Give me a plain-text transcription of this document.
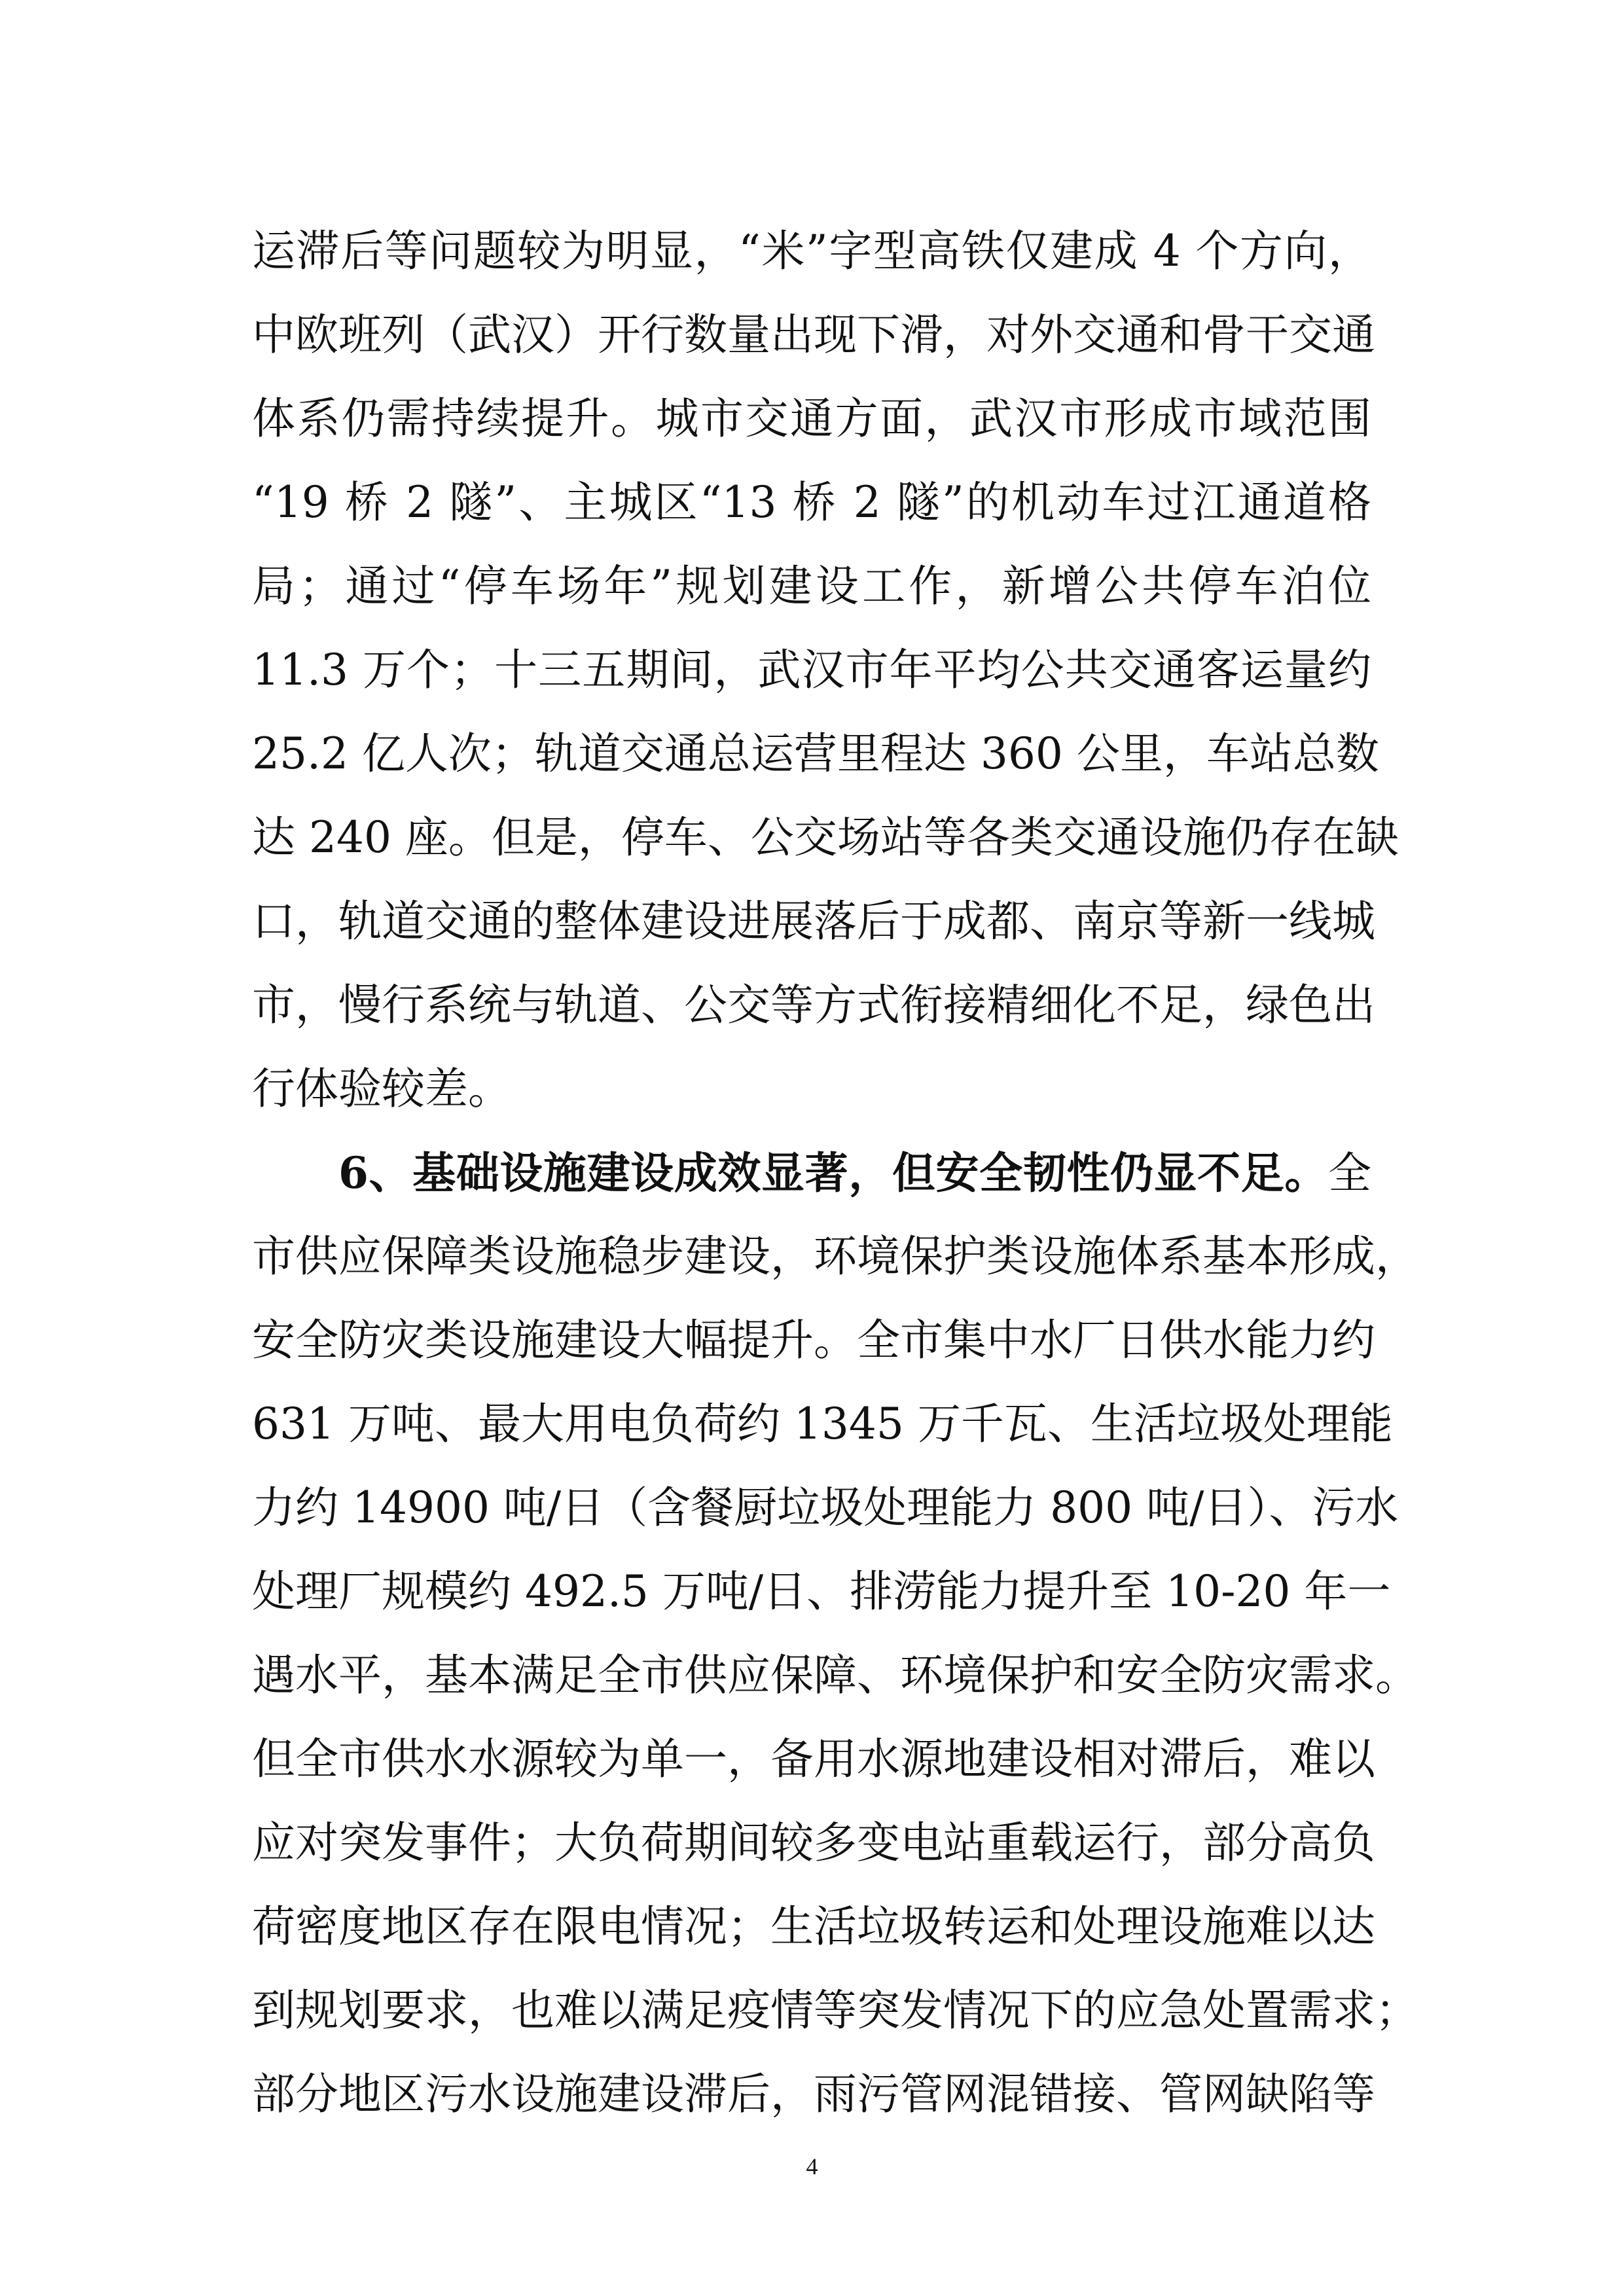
运滞后等问题较为明显，“米”字型高铁仅建成 4 个方向，
中欧班列（武汉）开行数量出现下滑，对外交通和骨干交通
体系仍需持续提升。城市交通方面，武汉市形成市域范围
“19 桥 2 隧”、主城区“13 桥 2 隧”的机动车过江通道格
局；通过“停车场年”规划建设工作，新增公共停车泊位
11.3 万个；十三五期间，武汉市年平均公共交通客运量约
25.2 亿人次；轨道交通总运营里程达 360 公里，车站总数
达 240 座。但是，停车、公交场站等各类交通设施仍存在缺
口，轨道交通的整体建设进展落后于成都、南京等新一线城
市，慢行系统与轨道、公交等方式衔接精细化不足，绿色出
行体验较差。
6、基础设施建设成效显著，但安全韧性仍显不足。全
市供应保障类设施稳步建设，环境保护类设施体系基本形成，
安全防灾类设施建设大幅提升。全市集中水厂日供水能力约
631 万吨、最大用电负荷约 1345 万千瓦、生活垃圾处理能
力约 14900 吨/日（含餐厨垃圾处理能力 800 吨/日）、污水
处理厂规模约 492.5 万吨/日、排涝能力提升至 10-20 年一
遇水平，基本满足全市供应保障、环境保护和安全防灾需求。
但全市供水水源较为单一，备用水源地建设相对滞后，难以
应对突发事件；大负荷期间较多变电站重载运行，部分高负
荷密度地区存在限电情况；生活垃圾转运和处理设施难以达
到规划要求，也难以满足疫情等突发情况下的应急处置需求；
部分地区污水设施建设滞后，雨污管网混错接、管网缺陷等
4
